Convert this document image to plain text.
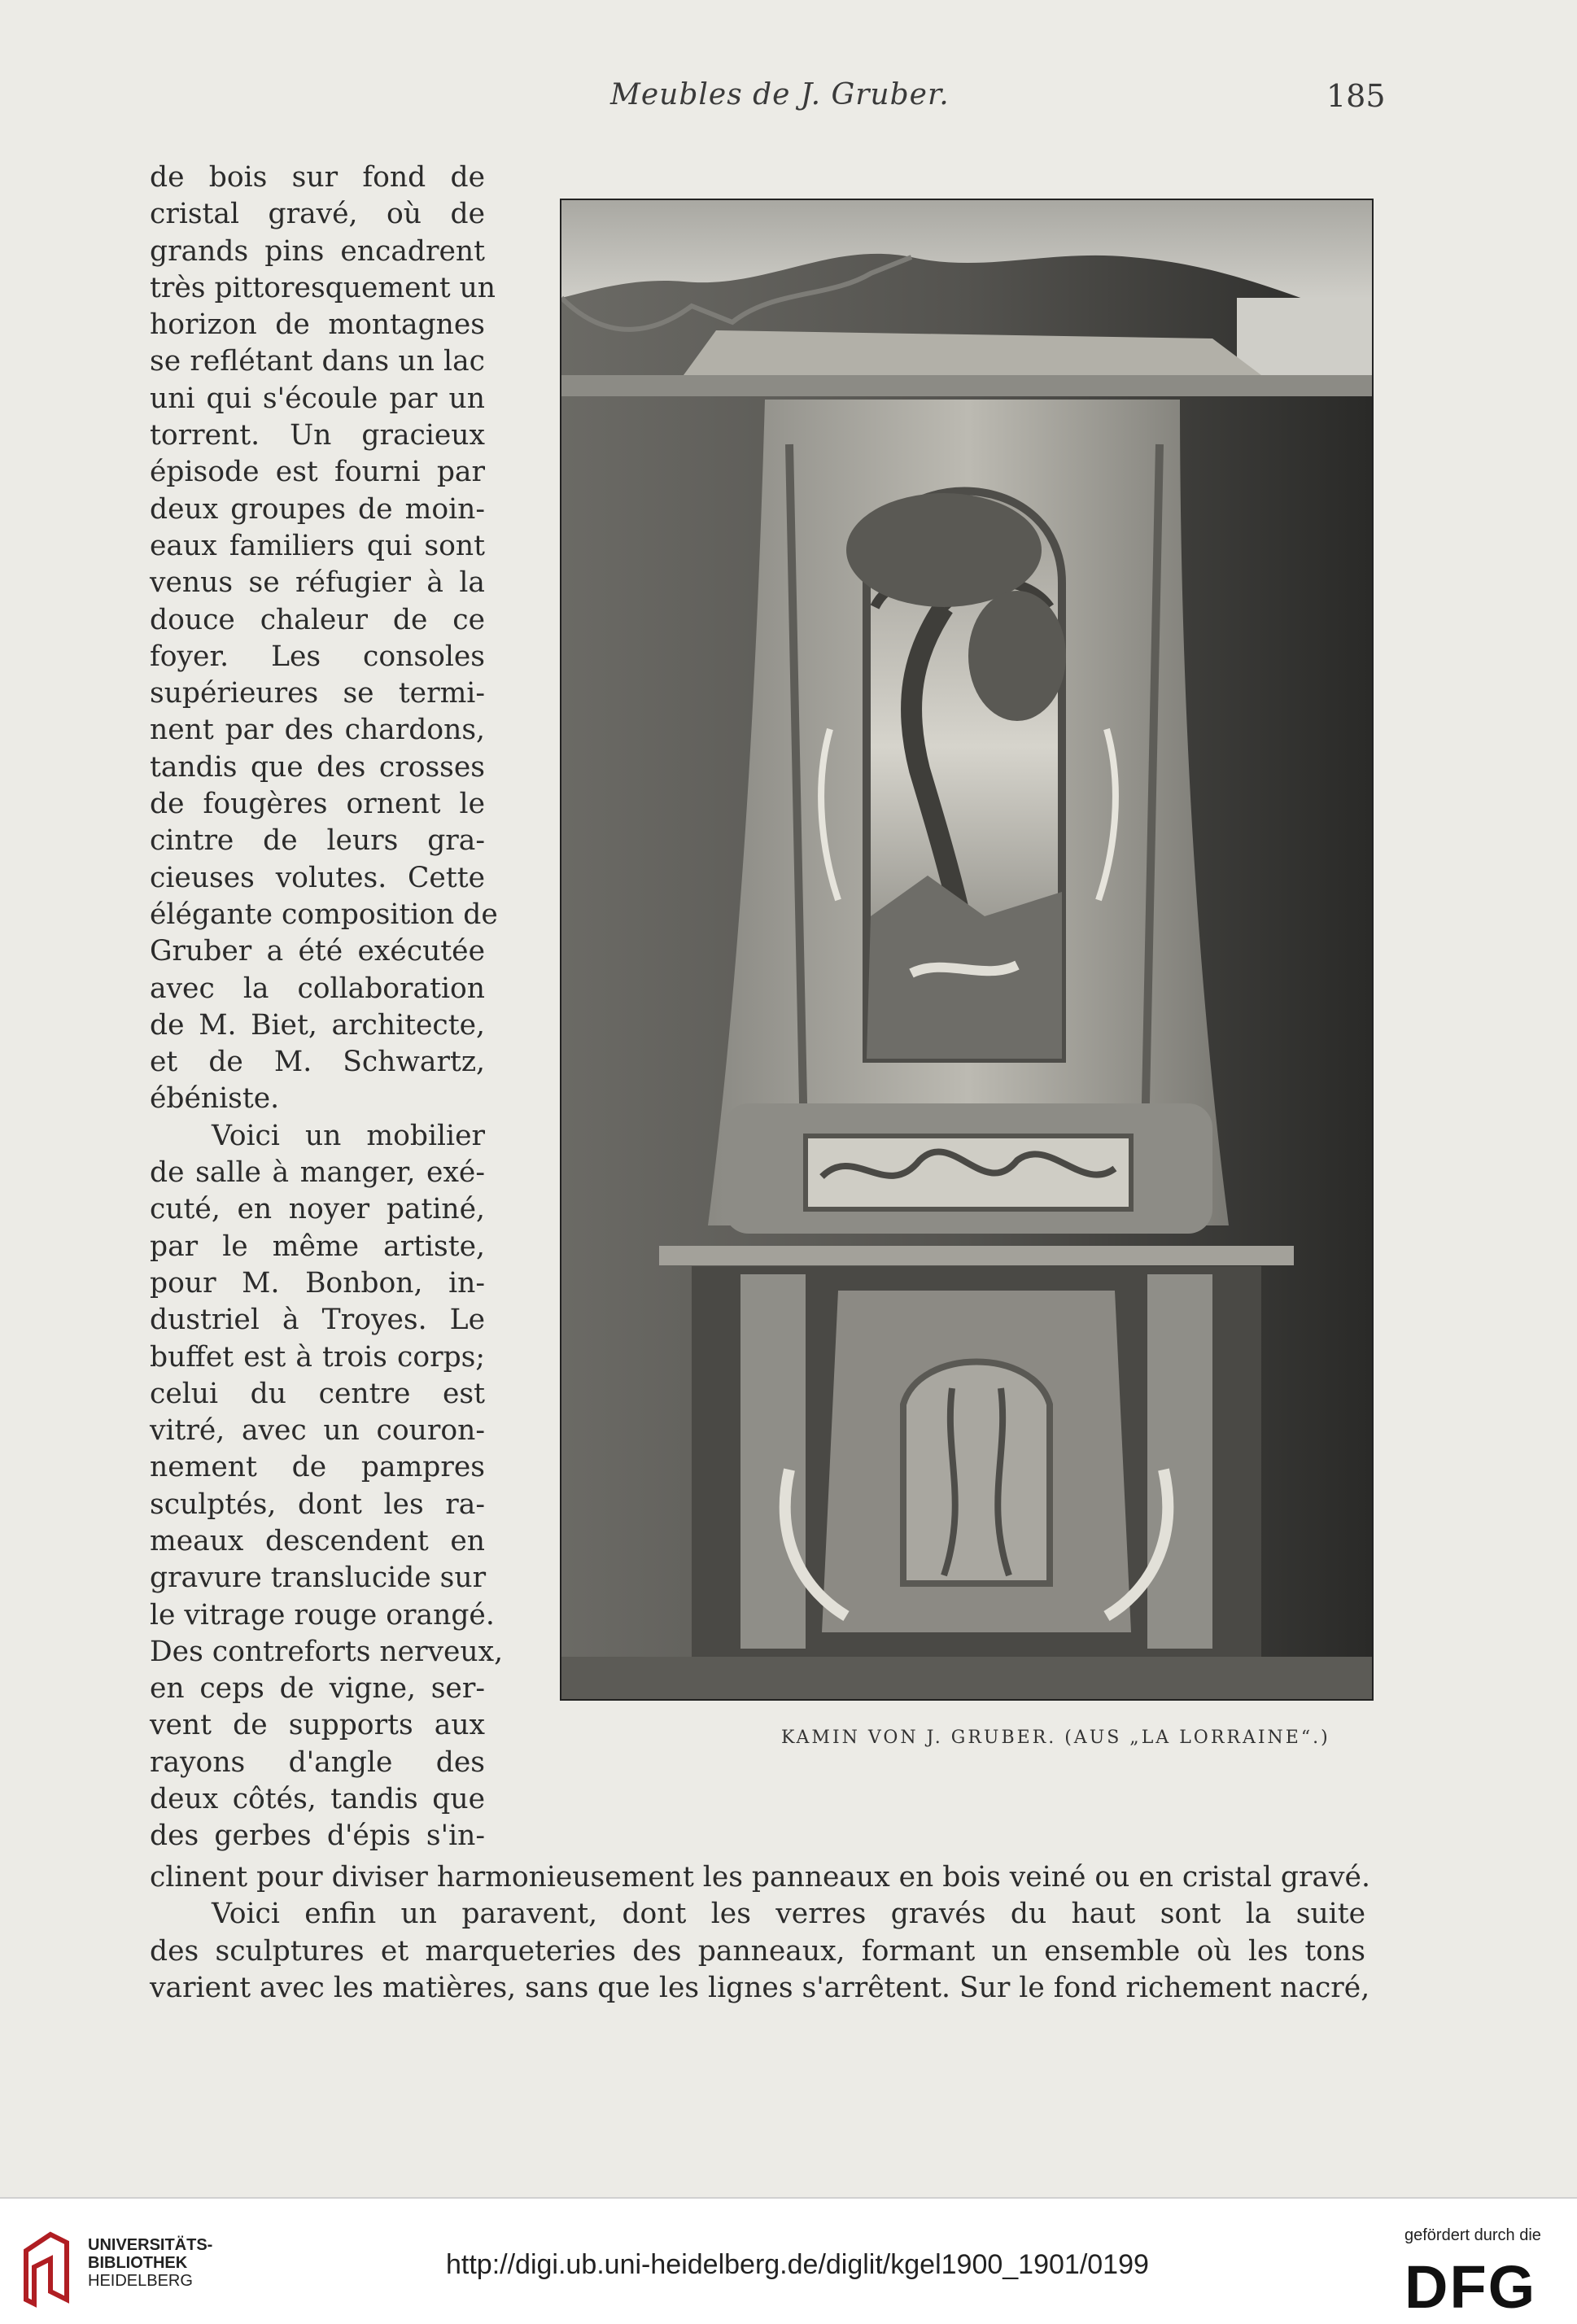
Meubles de J. Gruber.	185
de bois sur fond de
cristal gravé, où de
grands pins encadrent
très pittoresquement un
horizon de montagnes
se reflétant dans un lac
uni qui s'écoule par un
torrent. Un gracieux
épisode est fourni par
deux groupes de moin-
eaux familiers qui sont
venus se réfugier à la
douce chaleur de ce
foyer. Les consoles
supérieures se termi-
nent par des chardons,
tandis que des crosses
de fougères ornent le
cintre de leurs gra-
cieuses volutes. Cette
élégante composition de
Gruber a été exécutée
avec la collaboration
de M. Biet, architecte,
et de M. Schwartz,
ébéniste.
Voici un mobilier
de salle à manger, exé-
cuté, en noyer patiné,
par le même artiste,
pour M. Bonbon, in-
dustriel à Troyes. Le
buffet est à trois corps;
celui du centre est
vitré, avec un couron-
nement de pampres
sculptés, dont les ra-
meaux descendent en
gravure translucide sur
le vitrage rouge orangé.
Des contreforts nerveux,
en ceps de vigne, ser-
vent de supports aux
rayons d'angle des
deux côtés, tandis que
des gerbes d'épis s'in-
KAMIN VON J. GRUBER. (AUS „LA LORRAINE“.)
clinent pour diviser harmonieusement les panneaux en bois veiné ou en cristal gravé.
Voici enfin un paravent, dont les verres gravés du haut sont la suite
des sculptures et marqueteries des panneaux, formant un ensemble où les tons
varient avec les matières, sans que les lignes s'arrêtent. Sur le fond richement nacré,
UNIVERSITÄTS-
BIBLIOTHEK
HEIDELBERG
http://digi.ub.uni-heidelberg.de/diglit/kgel1900_1901/0199
gefördert durch die
DFG
